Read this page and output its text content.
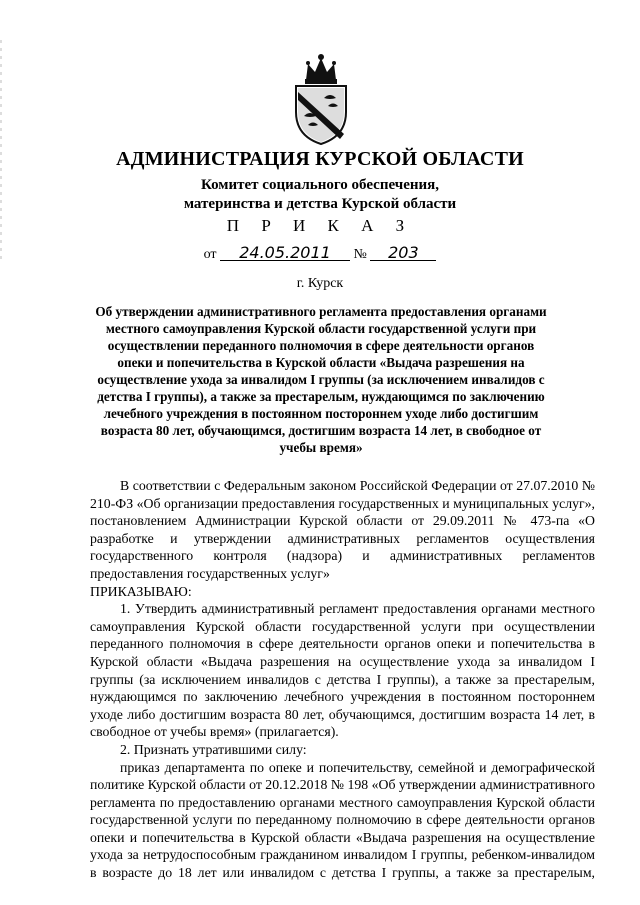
АДМИНИСТРАЦИЯ КУРСКОЙ ОБЛАСТИ
Комитет социального обеспечения,
материнства и детства Курской области
П Р И К А З
от 24.05.2011 № 203
г. Курск
Об утверждении административного регламента предоставления органами местного самоуправления Курской области государственной услуги при осуществлении переданного полномочия в сфере деятельности органов опеки и попечительства в Курской области «Выдача разрешения на осуществление ухода за инвалидом I группы (за исключением инвалидов с детства I группы), а также за престарелым, нуждающимся по заключению лечебного учреждения в постоянном постороннем уходе либо достигшим возраста 80 лет, обучающимся, достигшим возраста 14 лет, в свободное от учебы время»

В соответствии с Федеральным законом Российской Федерации от 27.07.2010 № 210-ФЗ «Об организации предоставления государственных и муниципальных услуг», постановлением Администрации Курской области от 29.09.2011 № 473-па «О разработке и утверждении административных регламентов осуществления государственного контроля (надзора) и административных регламентов предоставления государственных услуг»

ПРИКАЗЫВАЮ:

1. Утвердить административный регламент предоставления органами местного самоуправления Курской области государственной услуги при осуществлении переданного полномочия в сфере деятельности органов опеки и попечительства в Курской области «Выдача разрешения на осуществление ухода за инвалидом I группы (за исключением инвалидов с детства I группы), а также за престарелым, нуждающимся по заключению лечебного учреждения в постоянном постороннем уходе либо достигшим возраста 80 лет, обучающимся, достигшим возраста 14 лет, в свободное от учебы время» (прилагается).

2. Признать утратившими силу:

приказ департамента по опеке и попечительству, семейной и демографической политике Курской области от 20.12.2018 № 198 «Об утверждении административного регламента по предоставлению органами местного самоуправления Курской области государственной услуги по переданному полномочию в сфере деятельности органов опеки и попечительства в Курской области «Выдача разрешения на осуществление ухода за нетрудоспособным гражданином инвалидом I группы, ребенком-инвалидом в возрасте до 18 лет или инвалидом с детства I группы, а также за престарелым,
